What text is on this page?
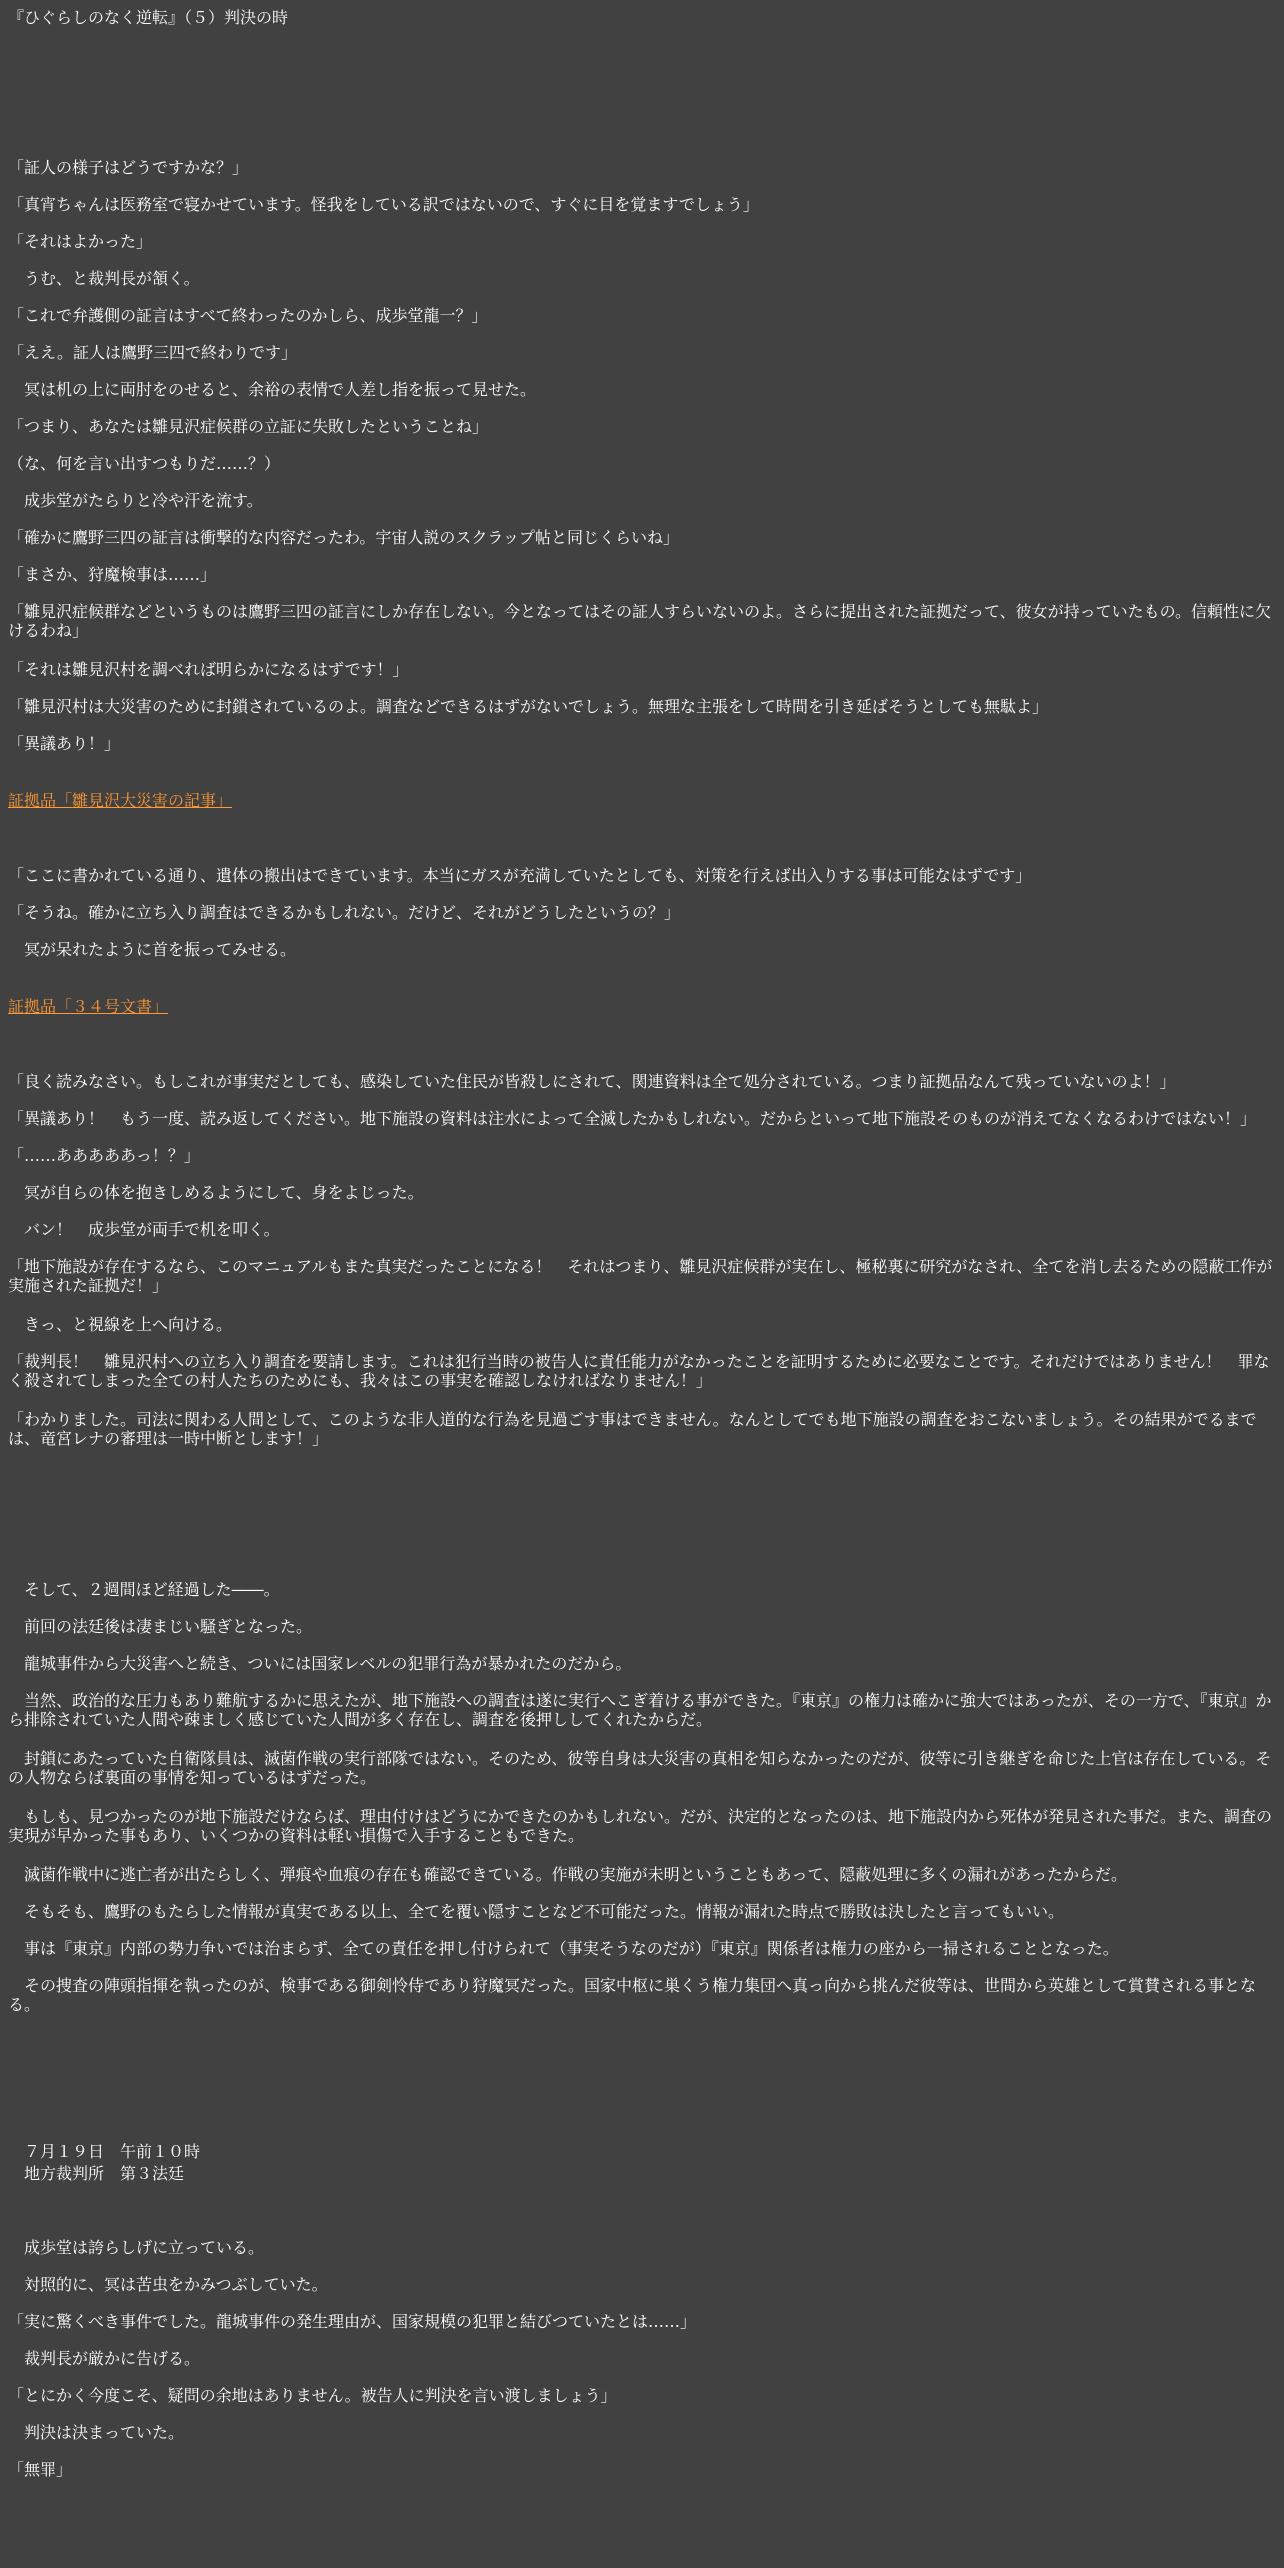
『ひぐらしのなく逆転』（５）判決の時

「証人の様子はどうですかな？」

「真宵ちゃんは医務室で寝かせています。怪我をしている訳ではないので、すぐに目を覚ますでしょう」

「それはよかった」

　うむ、と裁判長が頷く。

「これで弁護側の証言はすべて終わったのかしら、成歩堂龍一？」

「ええ。証人は鷹野三四で終わりです」

　冥は机の上に両肘をのせると、余裕の表情で人差し指を振って見せた。

「つまり、あなたは雛見沢症候群の立証に失敗したということね」

（な、何を言い出すつもりだ……？）

　成歩堂がたらりと冷や汗を流す。

「確かに鷹野三四の証言は衝撃的な内容だったわ。宇宙人説のスクラップ帖と同じくらいね」

「まさか、狩魔検事は……」

「雛見沢症候群などというものは鷹野三四の証言にしか存在しない。今となってはその証人すらいないのよ。さらに提出された証拠だって、彼女が持っていたもの。信頼性に欠けるわね」

「それは雛見沢村を調べれば明らかになるはずです！」

「雛見沢村は大災害のために封鎖されているのよ。調査などできるはずがないでしょう。無理な主張をして時間を引き延ばそうとしても無駄よ」

「異議あり！」

証拠品「雛見沢大災害の記事」

「ここに書かれている通り、遺体の搬出はできています。本当にガスが充満していたとしても、対策を行えば出入りする事は可能なはずです」

「そうね。確かに立ち入り調査はできるかもしれない。だけど、それがどうしたというの？」

　冥が呆れたように首を振ってみせる。

証拠品「３４号文書」

「良く読みなさい。もしこれが事実だとしても、感染していた住民が皆殺しにされて、関連資料は全て処分されている。つまり証拠品なんて残っていないのよ！」

「異議あり！　もう一度、読み返してください。地下施設の資料は注水によって全滅したかもしれない。だからといって地下施設そのものが消えてなくなるわけではない！」

「……あああああっ！？」

　冥が自らの体を抱きしめるようにして、身をよじった。

　バン！　成歩堂が両手で机を叩く。

「地下施設が存在するなら、このマニュアルもまた真実だったことになる！　それはつまり、雛見沢症候群が実在し、極秘裏に研究がなされ、全てを消し去るための隠蔽工作が実施された証拠だ！」

　きっ、と視線を上へ向ける。

「裁判長！　雛見沢村への立ち入り調査を要請します。これは犯行当時の被告人に責任能力がなかったことを証明するために必要なことです。それだけではありません！　罪なく殺されてしまった全ての村人たちのためにも、我々はこの事実を確認しなければなりません！」

「わかりました。司法に関わる人間として、このような非人道的な行為を見過ごす事はできません。なんとしてでも地下施設の調査をおこないましょう。その結果がでるまでは、竜宮レナの審理は一時中断とします！」

　そして、２週間ほど経過した――。

　前回の法廷後は凄まじい騒ぎとなった。

　龍城事件から大災害へと続き、ついには国家レベルの犯罪行為が暴かれたのだから。

　当然、政治的な圧力もあり難航するかに思えたが、地下施設への調査は遂に実行へこぎ着ける事ができた。『東京』の権力は確かに強大ではあったが、その一方で、『東京』から排除されていた人間や疎ましく感じていた人間が多く存在し、調査を後押ししてくれたからだ。

　封鎖にあたっていた自衛隊員は、滅菌作戦の実行部隊ではない。そのため、彼等自身は大災害の真相を知らなかったのだが、彼等に引き継ぎを命じた上官は存在している。その人物ならば裏面の事情を知っているはずだった。

　もしも、見つかったのが地下施設だけならば、理由付けはどうにかできたのかもしれない。だが、決定的となったのは、地下施設内から死体が発見された事だ。また、調査の実現が早かった事もあり、いくつかの資料は軽い損傷で入手することもできた。

　滅菌作戦中に逃亡者が出たらしく、弾痕や血痕の存在も確認できている。作戦の実施が未明ということもあって、隠蔽処理に多くの漏れがあったからだ。

　そもそも、鷹野のもたらした情報が真実である以上、全てを覆い隠すことなど不可能だった。情報が漏れた時点で勝敗は決したと言ってもいい。

　事は『東京』内部の勢力争いでは治まらず、全ての責任を押し付けられて（事実そうなのだが）『東京』関係者は権力の座から一掃されることとなった。

　その捜査の陣頭指揮を執ったのが、検事である御剣怜侍であり狩魔冥だった。国家中枢に巣くう権力集団へ真っ向から挑んだ彼等は、世間から英雄として賞賛される事となる。

　７月１９日　午前１０時

　地方裁判所　第３法廷

　成歩堂は誇らしげに立っている。

　対照的に、冥は苦虫をかみつぶしていた。

「実に驚くべき事件でした。龍城事件の発生理由が、国家規模の犯罪と結びつていたとは……」

　裁判長が厳かに告げる。

「とにかく今度こそ、疑問の余地はありません。被告人に判決を言い渡しましょう」

　判決は決まっていた。

「無罪」
